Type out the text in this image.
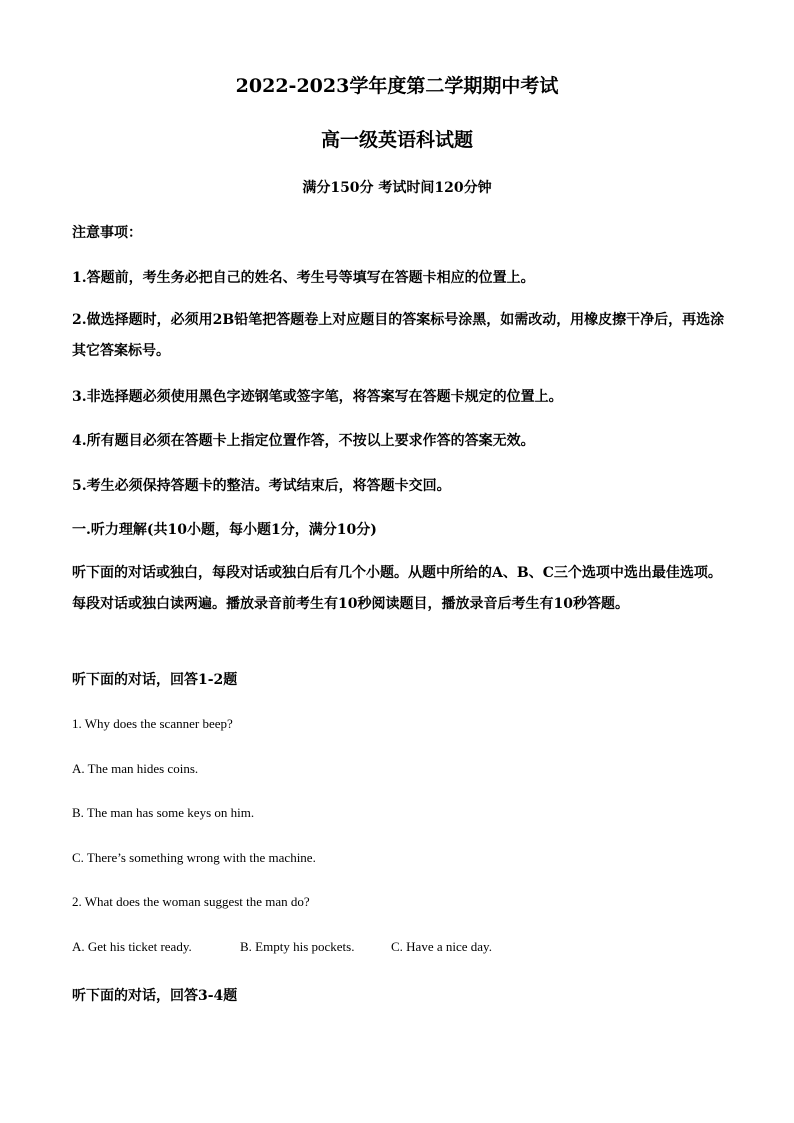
2022-2023学年度第二学期期中考试
高一级英语科试题
满分150分 考试时间120分钟
注意事项：
1.答题前，考生务必把自己的姓名、考生号等填写在答题卡相应的位置上。
2.做选择题时，必须用2B铅笔把答题卷上对应题目的答案标号涂黑，如需改动，用橡皮擦干净后，再选涂其它答案标号。
3.非选择题必须使用黑色字迹钢笔或签字笔，将答案写在答题卡规定的位置上。
4.所有题目必须在答题卡上指定位置作答，不按以上要求作答的答案无效。
5.考生必须保持答题卡的整洁。考试结束后，将答题卡交回。
一.听力理解(共10小题，每小题1分，满分10分)
听下面的对话或独白，每段对话或独白后有几个小题。从题中所给的A、B、C三个选项中选出最佳选项。每段对话或独白读两遍。播放录音前考生有10秒阅读题目，播放录音后考生有10秒答题。
听下面的对话，回答1-2题
1. Why does the scanner beep?
A. The man hides coins.
B. The man has some keys on him.
C. There’s something wrong with the machine.
2. What does the woman suggest the man do?
A. Get his ticket ready.	B. Empty his pockets.	C. Have a nice day.
听下面的对话，回答3-4题
